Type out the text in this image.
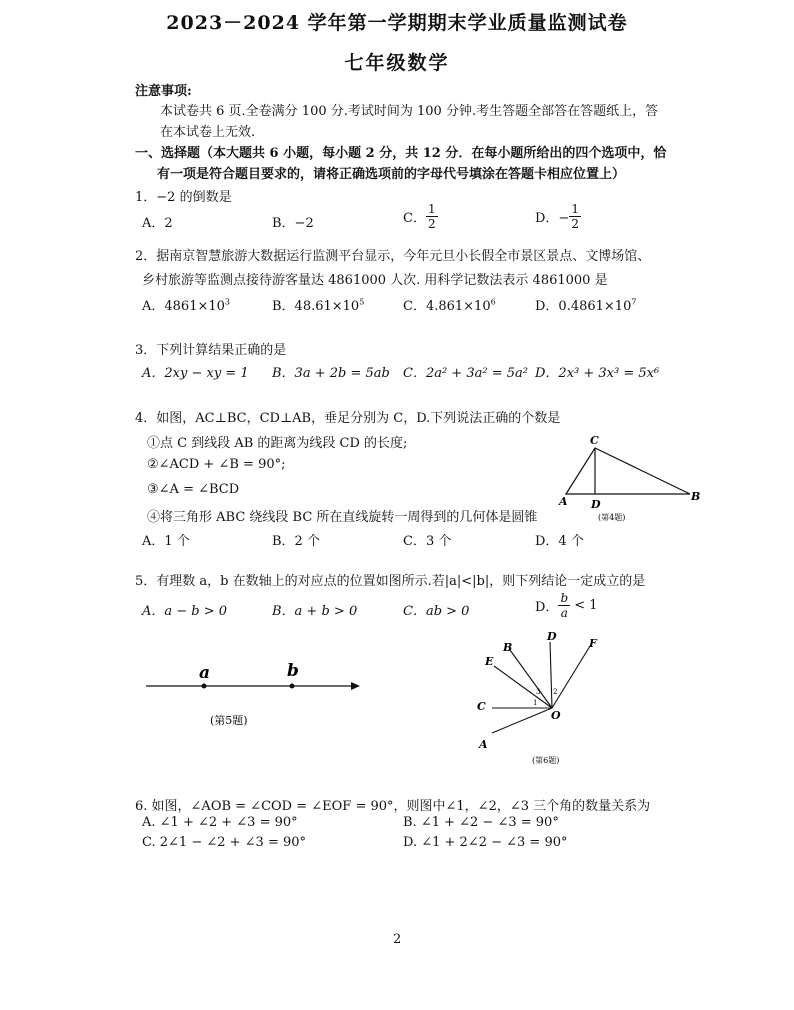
2023－2024 学年第一学期期末学业质量监测试卷
七年级数学
注意事项:
本试卷共 6 页.全卷满分 100 分.考试时间为 100 分钟.考生答题全部答在答题纸上，答
在本试卷上无效.
一、选择题（本大题共 6 小题，每小题 2 分，共 12 分．在每小题所给出的四个选项中，恰
有一项是符合题目要求的，请将正确选项前的字母代号填涂在答题卡相应位置上）
1．−2 的倒数是
A．2	B．−2	C． $\frac{1}{2}$	D．− $\frac{1}{2}$
2．据南京智慧旅游大数据运行监测平台显示，今年元旦小长假全市景区景点、文博场馆、
乡村旅游等监测点接待游客量达 4861000 人次. 用科学记数法表示 4861000 是
A．$4861\times 10^3$	B．$48.61\times 10^5$	C．$4.861\times 10^6$	D．$0.4861\times 10^7$
3．下列计算结果正确的是
A．2xy − xy = 1 B．3a + 2b = 5ab C．2a² + 3a² = 5a² D．2x³ + 3x³ = 5x⁶
4．如图，AC⊥BC，CD⊥AB，垂足分别为 C，D.下列说法正确的个数是
①点 C 到线段 AB 的距离为线段 CD 的长度;
②∠ACD + ∠B = 90°;
③∠A = ∠BCD
④将三角形 ABC 绕线段 BC 所在直线旋转一周得到的几何体是圆锥
A．1 个	B．2 个	C．3 个	D．4 个
C
A D
B
(第4题)
5．有理数 a，b 在数轴上的对应点的位置如图所示.若|a|<|b|，则下列结论一定成立的是
A．a − b > 0	B．a + b > 0	C．ab > 0	D． $\frac{b}{a} < 1$
a	b
(第5题)
D
F
B
E
C
A
O
1
2
3
(第6题)
6. 如图，∠AOB = ∠COD = ∠EOF = 90°，则图中∠1，∠2，∠3 三个角的数量关系为
A. ∠1 + ∠2 + ∠3 = 90°	B. ∠1 + ∠2 − ∠3 = 90°
C. 2∠1 − ∠2 + ∠3 = 90°	D. ∠1 + 2∠2 − ∠3 = 90°
2
